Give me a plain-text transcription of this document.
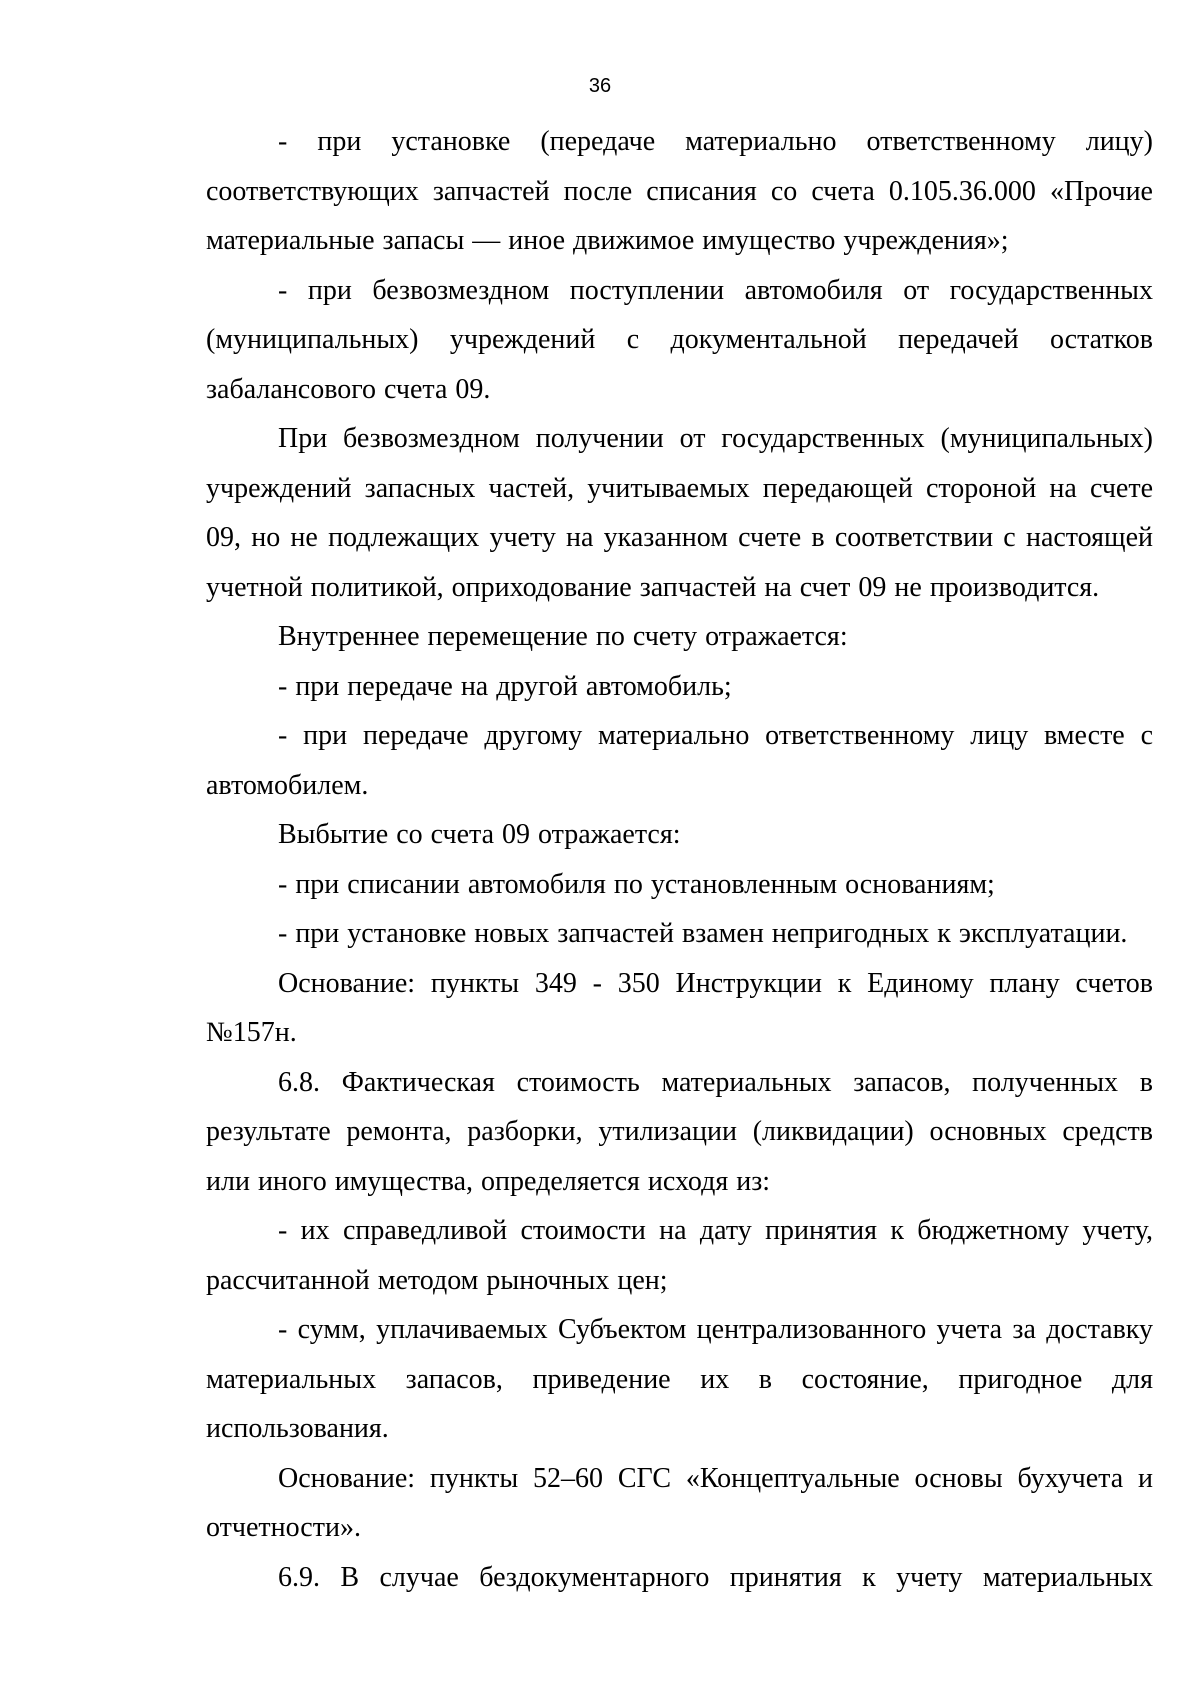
36

- при установке (передаче материально ответственному лицу) соответствующих запчастей после списания со счета 0.105.36.000 «Прочие материальные запасы — иное движимое имущество учреждения»;

- при безвозмездном поступлении автомобиля от государственных (муниципальных) учреждений с документальной передачей остатков забалансового счета 09.

При безвозмездном получении от государственных (муниципальных) учреждений запасных частей, учитываемых передающей стороной на счете 09, но не подлежащих учету на указанном счете в соответствии с настоящей учетной политикой, оприходование запчастей на счет 09 не производится.

Внутреннее перемещение по счету отражается:

- при передаче на другой автомобиль;

- при передаче другому материально ответственному лицу вместе с автомобилем.

Выбытие со счета 09 отражается:

- при списании автомобиля по установленным основаниям;

- при установке новых запчастей взамен непригодных к эксплуатации.

Основание: пункты 349 - 350 Инструкции к Единому плану счетов №157н.

6.8. Фактическая стоимость материальных запасов, полученных в результате ремонта, разборки, утилизации (ликвидации) основных средств или иного имущества, определяется исходя из:

- их справедливой стоимости на дату принятия к бюджетному учету, рассчитанной методом рыночных цен;

- сумм, уплачиваемых Субъектом централизованного учета за доставку материальных запасов, приведение их в состояние, пригодное для использования.

Основание: пункты 52–60 СГС «Концептуальные основы бухучета и отчетности».

6.9. В случае бездокументарного принятия к учету материальных
